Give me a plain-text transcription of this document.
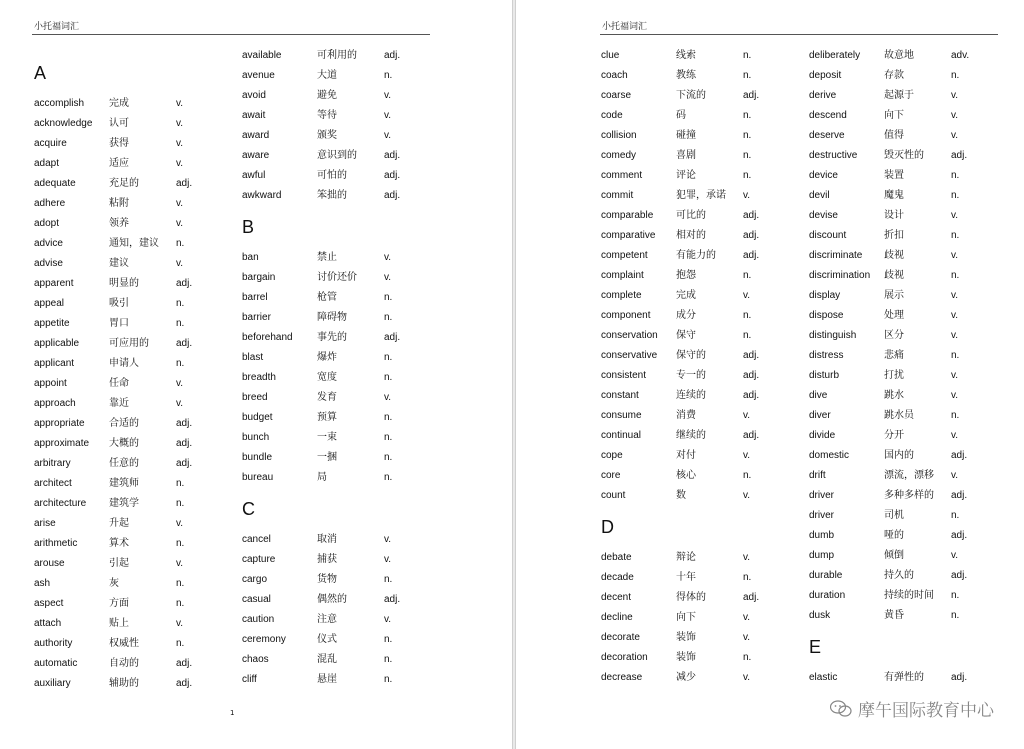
小托福词汇
A
accomplish 完成	v.
acknowledge 认可	v.
acquire	获得	v.
adapt	适应	v.
adequate	充足的	adj.
adhere	粘附	v.
adopt	领养	v.
advice	通知，建议 n.
advise	建议	v.
apparent	明显的	adj.
appeal	吸引	n.
appetite	胃口	n.
applicable	可应用的	adj.
applicant	申请人	n.
appoint	任命	v.
approach	靠近	v.
appropriate 合适的	adj.
approximate 大概的	adj.
arbitrary	任意的	adj.
architect	建筑师	n.
architecture 建筑学	n.
arise	升起	v.
arithmetic	算术	n.
arouse	引起	v.
ash	灰	n.
aspect	方面	n.
attach	贴上	v.
authority	权威性	n.
automatic	自动的	adj.
auxiliary	辅助的	adj.
available	可利用的	adj.
avenue	大道	n.
avoid	避免	v.
await	等待	v.
award	颁奖	v.
aware	意识到的	adj.
awful	可怕的	adj.
awkward	笨拙的	adj.
B
ban	禁止	v.
bargain	讨价还价	v.
barrel	枪管	n.
barrier	障碍物	n.
beforehand 事先的	adj.
blast	爆炸	n.
breadth	宽度	n.
breed	发育	v.
budget	预算	n.
bunch	一束	n.
bundle	一捆	n.
bureau	局	n.
C
cancel	取消	v.
capture	捕获	v.
cargo	货物	n.
casual	偶然的	adj.
caution	注意	v.
ceremony	仪式	n.
chaos	混乱	n.
cliff	悬崖	n.
1
小托福词汇
clue	线索	n.
coach	教练	n.
coarse	下流的	adj.
code	码	n.
collision	碰撞	n.
comedy	喜剧	n.
comment	评论	n.
commit	犯罪，承诺 v.
comparable 可比的	adj.
comparative 相对的	adj.
competent	有能力的	adj.
complaint	抱怨	n.
complete	完成	v.
component	成分	n.
conservation 保守	n.
conservative 保守的	adj.
consistent	专一的	adj.
constant	连续的	adj.
consume	消费	v.
continual	继续的	adj.
cope	对付	v.
core	核心	n.
count	数	v.
D
debate	辩论	v.
decade	十年	n.
decent	得体的	adj.
decline	向下	v.
decorate	装饰	v.
decoration	装饰	n.
decrease	减少	v.
deliberately 故意地	adv.
deposit	存款	n.
derive	起源于	v.
descend	向下	v.
deserve	值得	v.
destructive	毁灭性的	adj.
device	装置	n.
devil	魔鬼	n.
devise	设计	v.
discount	折扣	n.
discriminate 歧视	v.
discrimination 歧视	n.
display	展示	v.
dispose	处理	v.
distinguish	区分	v.
distress	悲痛	n.
disturb	打扰	v.
dive	跳水	v.
diver	跳水员	n.
divide	分开	v.
domestic	国内的	adj.
drift	漂流，漂移 v.
driver	多种多样的 adj.
driver	司机	n.
dumb	哑的	adj.
dump	倾倒	v.
durable	持久的	adj.
duration	持续的时间 n.
dusk	黄昏	n.
E
elastic	有弹性的	adj.
摩午国际教育中心
